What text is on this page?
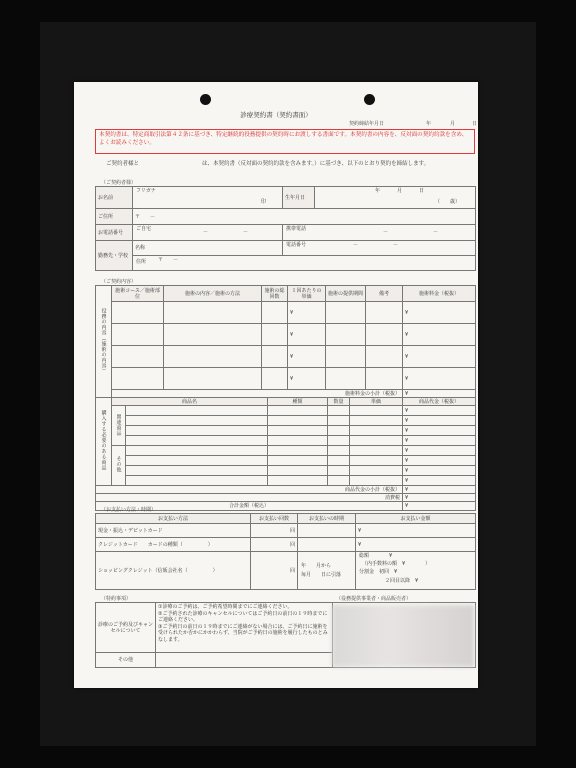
診療契約書（契約書面）
契約締結年月日	年	月	日
本契約書は、特定商取引法第４２条に基づき、特定継続的役務提供の契約時にお渡しする書面です。本契約書の内容を、反対面の契約約款を含め、よくお読みください。
ご契約者様と	は、本契約書（反対面の契約約款を含みます。）に基づき、以下のとおり契約を締結します。
（ご契約者様）
お名前	フリガナ
印	生年月日	年 月 日
（　　歳）

ご住所	〒　　－		
お電話番号	ご自宅 － －	携帯電話 － －	

勤務先・学校	名称	電話番号 － －	

	住所 〒　　－		
（ご契約内容）
役務の内容（施術の内容）	施術コース／施術部位	施術の内容／施術の方法	施術の総回数	１回あたりの単価	施術の提供期間	備考	施術料金（税抜）
				¥			¥
				¥			¥
				¥			¥
				¥			¥
	施術料金の小計（税抜）						¥
購入する必要のある商品	商品名		種類	数量	単価	商品代金（税抜）
	関連商品					¥
						¥
						¥
						¥
	その他					¥
						¥
						¥
						¥
商品代金の小計（税抜）						¥
消費税						¥
合計金額（税込）						¥
（お支払い方法・時期）
お支払い方法	お支払い回数	お支払いの時期	お支払い金額
現金・振込・デビットカード	回		¥
クレジットカード　　カードの種類（　　　　　）	回		¥
ショッピングクレジット（信販会社名（　　　　　）	回	年　　月から
毎月　　日に引落	総額　　　　¥
（内手数料の額　¥　　　　）
分割金　初回　¥
２回目以降　¥
（特約事項）	（役務提供事業者・商品販売者）
診療のご予約及びキャンセルについて	①診療のご予約は、ご予約希望時間までにご連絡ください。
②ご予約された診療のキャンセルについてはご予約日の前日の１９時までにご連絡ください。
③ご予約日の前日の１９時までにご連絡がない場合には、ご予約日に施術を受けられたか否かにかかわらず、当院がご予約日の施術を履行したものとみなします。	

その他		
